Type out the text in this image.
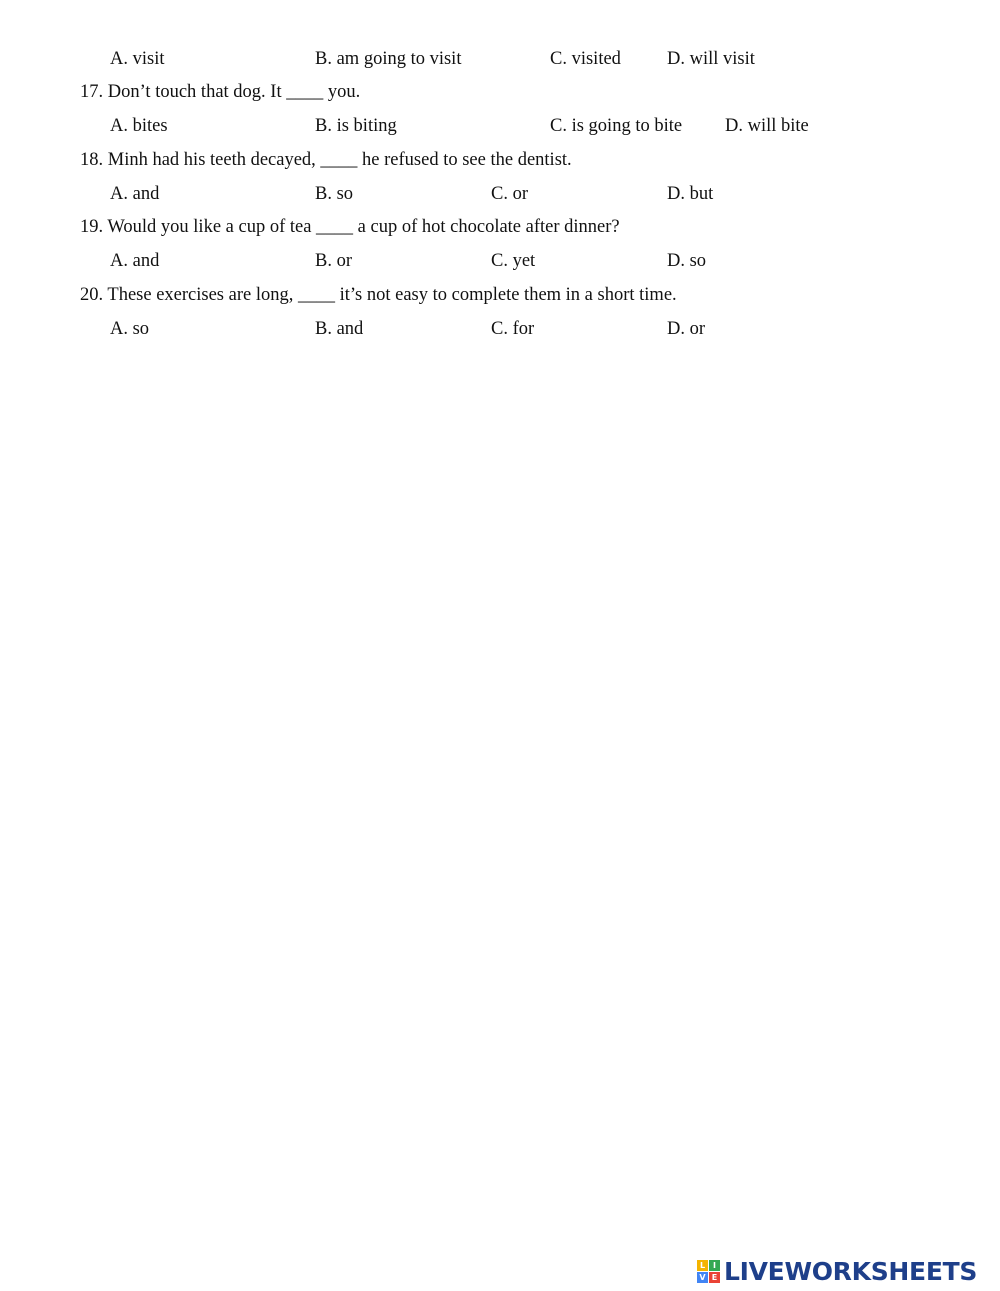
A. visit	B. am going to visit	C. visited D. will visit
17. Don’t touch that dog. It ____ you.
A. bites	B. is biting	C. is going to bite D. will bite
18. Minh had his teeth decayed, ____ he refused to see the dentist.
A. and	B. so	C. or	D. but
19. Would you like a cup of tea ____ a cup of hot chocolate after dinner?
A. and	B. or	C. yet	D. so
20. These exercises are long, ____ it’s not easy to complete them in a short time.
A. so	B. and	C. for	D. or
L I
V E LIVEWORKSHEETS
